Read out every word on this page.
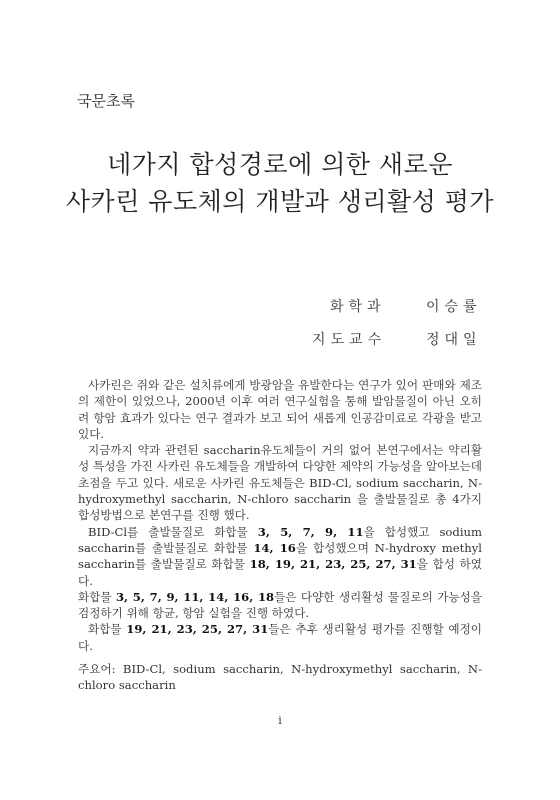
국문초록
네가지 합성경로에 의한 새로운
사카린 유도체의 개발과 생리활성 평가
화학과	이승률
지도교수	정대일

사카린은 쥐와 같은 설치류에게 방광암을 유발한다는 연구가 있어 판매와 제조의 제한이 있었으나, 2000년 이후 여러 연구실험을 통해 발암물질이 아닌 오히려 항암 효과가 있다는 연구 결과가 보고 되어 새롭게 인공감미료로 각광을 받고있다.

지금까지 약과 관련된 saccharin유도체들이 거의 없어 본연구에서는 약리활성 특성을 가진 사카린 유도체들을 개발하여 다양한 제약의 가능성을 알아보는데 초점을 두고 있다. 새로운 사카린 유도체들은 BID-Cl, sodium saccharin, N-hydroxymethyl saccharin, N-chloro saccharin 을 출발물질로 총 4가지 합성방법으로 본연구를 진행 했다.

BID-Cl를 출발물질로 화합물 3, 5, 7, 9, 11을 합성했고 sodium saccharin를 출발물질로 화합물 14, 16을 합성했으며 N-hydroxy methyl saccharin를 출발물질로 화합물 18, 19, 21, 23, 25, 27, 31을 합성 하였다.

화합물 3, 5, 7, 9, 11, 14, 16, 18들은 다양한 생리활성 물질로의 가능성을 검정하기 위해 항균, 항암 실험을 진행 하였다.

화합물 19, 21, 23, 25, 27, 31들은 추후 생리활성 평가를 진행할 예정이다.

주요어: BID-Cl, sodium saccharin, N-hydroxymethyl saccharin, N-chloro saccharin

i
